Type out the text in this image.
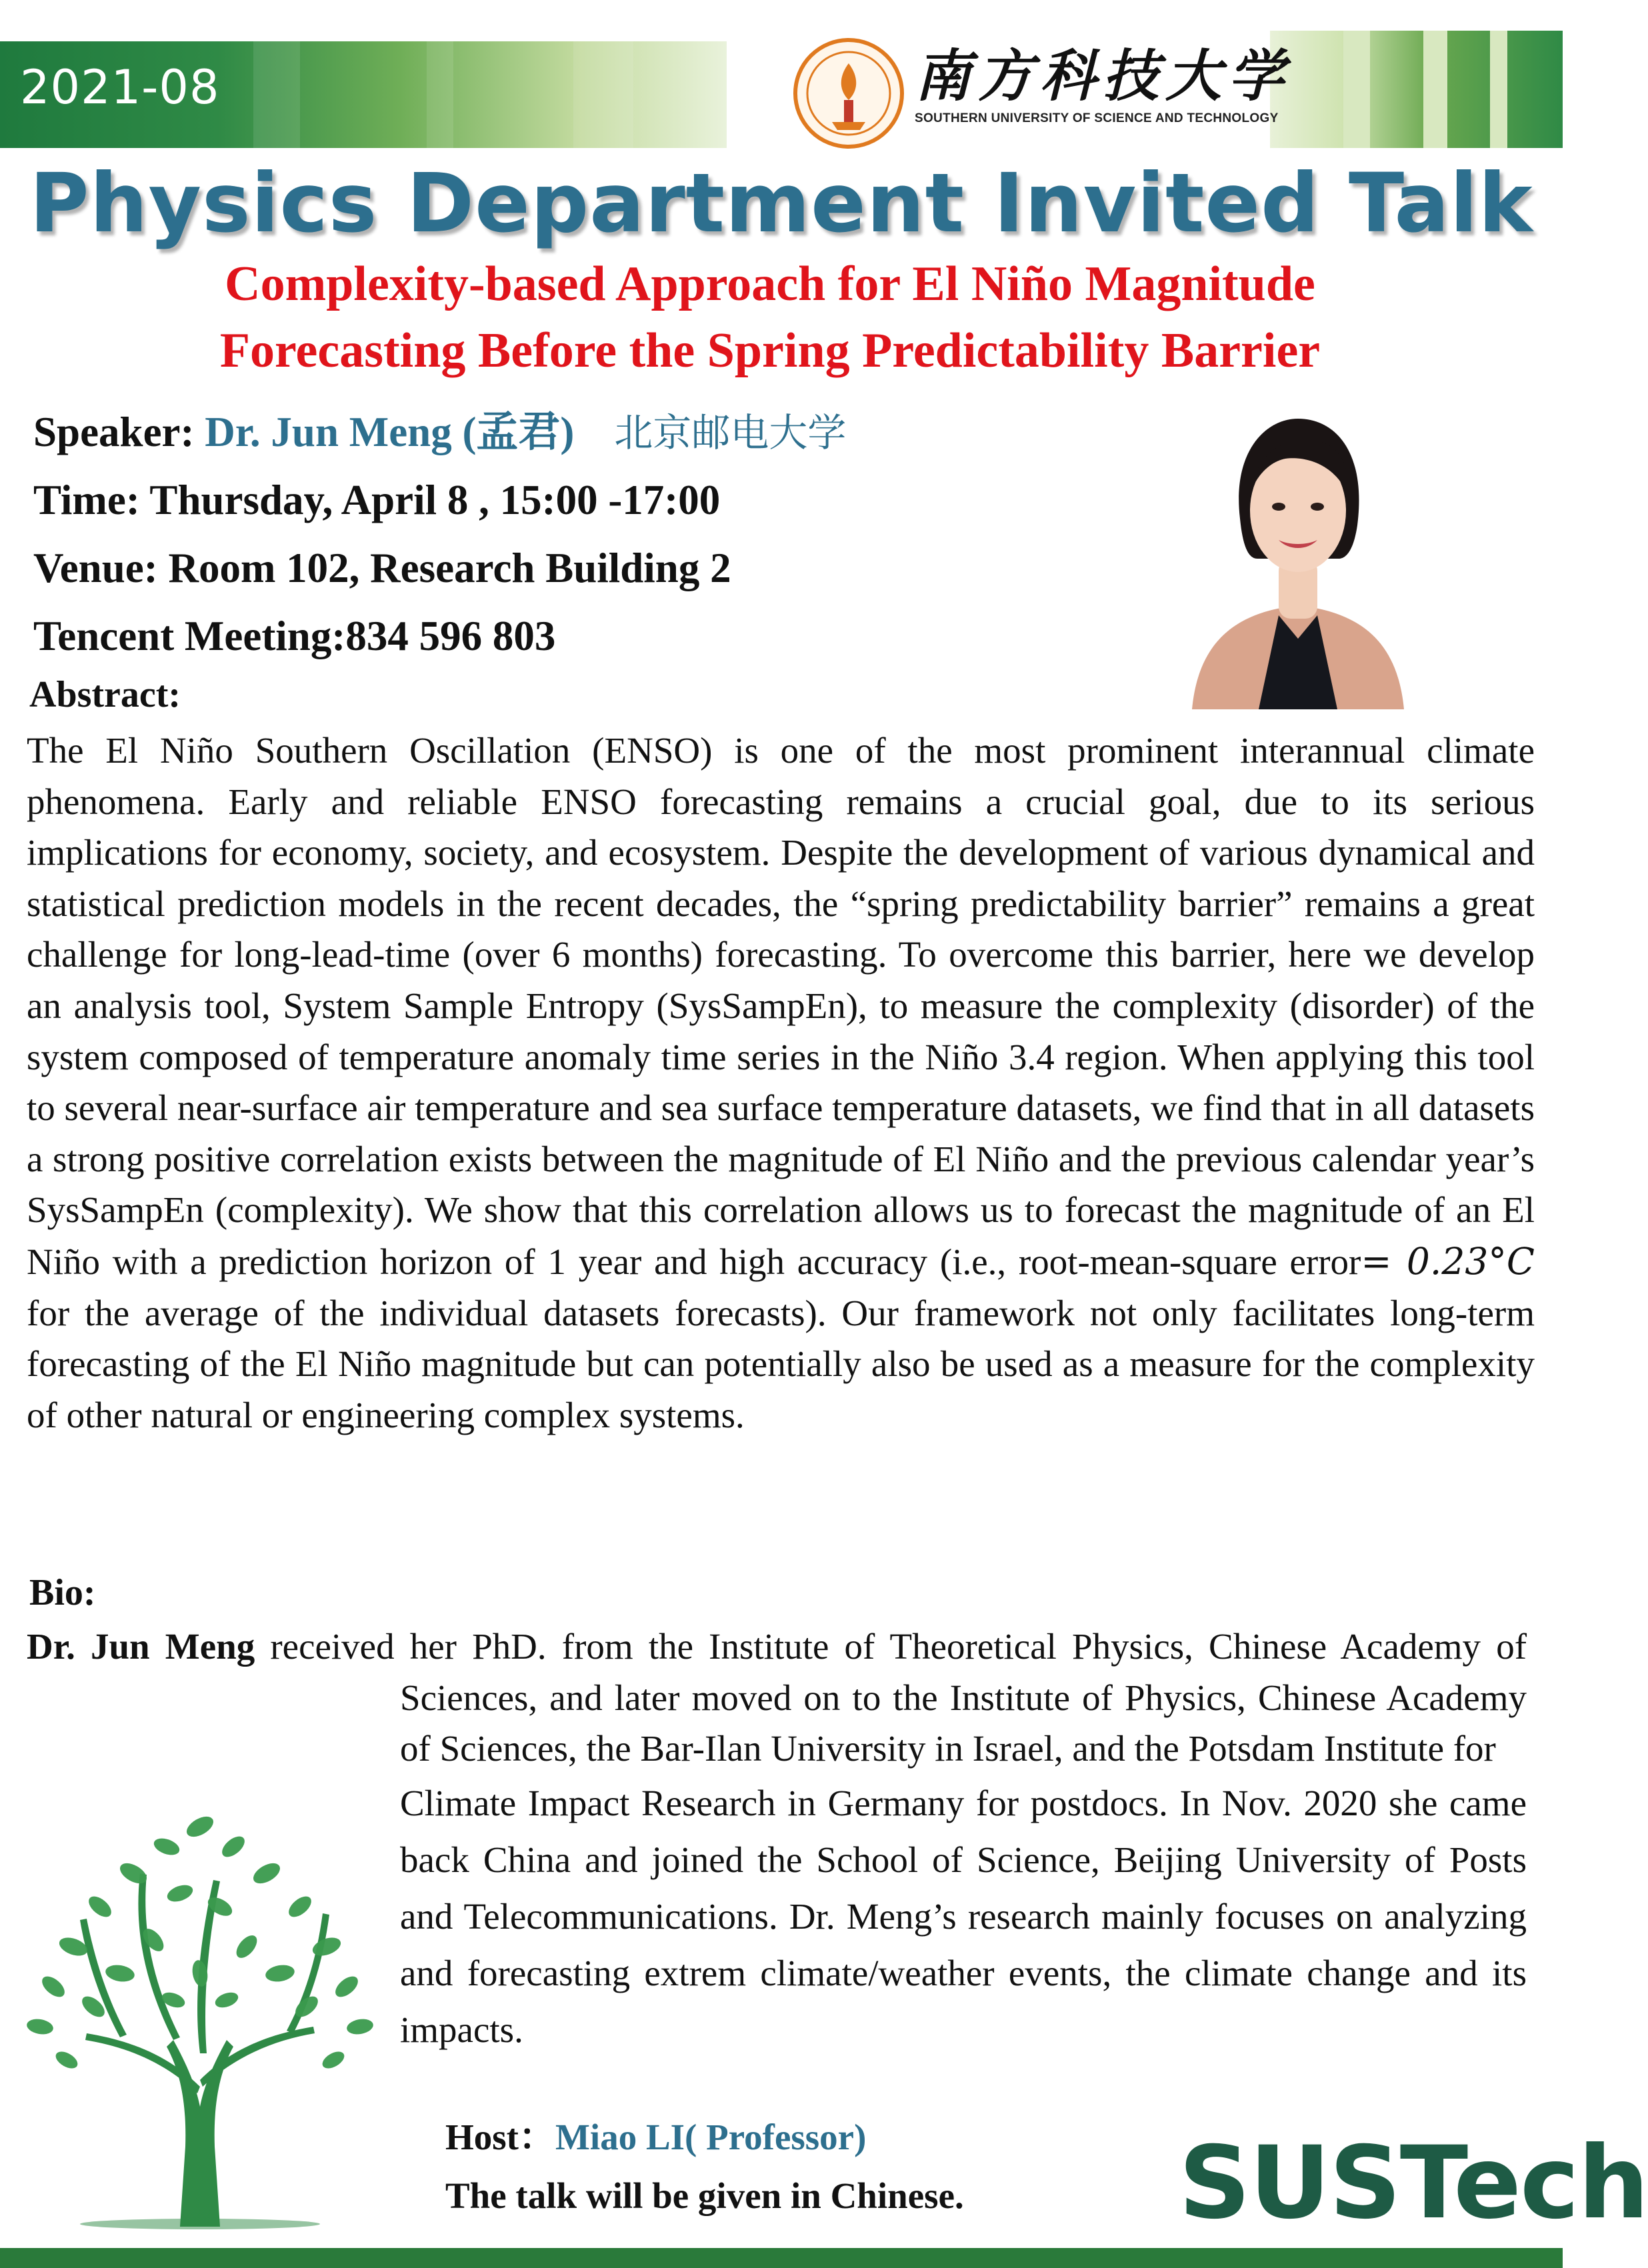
2021-08	南方科技大学
SOUTHERN UNIVERSITY OF SCIENCE AND TECHNOLOGY
Physics Department Invited Talk
Complexity-based Approach for El Niño Magnitude
Forecasting Before the Spring Predictability Barrier
Speaker: Dr. Jun Meng (孟君) 北京邮电大学
Time: Thursday, April 8 , 15:00 -17:00
Venue: Room 102, Research Building 2
Tencent Meeting:834 596 803
Abstract:
The El Niño Southern Oscillation (ENSO) is one of the most prominent interannual climate phenomena. Early and reliable ENSO forecasting remains a crucial goal, due to its serious implications for economy, society, and ecosystem. Despite the development of various dynamical and statistical prediction models in the recent decades, the “spring predictability barrier” remains a great challenge for long-lead-time (over 6 months) forecasting. To overcome this barrier, here we develop an analysis tool, System Sample Entropy (SysSampEn), to measure the complexity (disorder) of the system composed of temperature anomaly time series in the Niño 3.4 region. When applying this tool to several near-surface air temperature and sea surface temperature datasets, we find that in all datasets a strong positive correlation exists between the magnitude of El Niño and the previous calendar year’s SysSampEn (complexity). We show that this correlation allows us to forecast the magnitude of an El Niño with a prediction horizon of 1 year and high accuracy (i.e., root-mean-square error= 0.23°C for the average of the individual datasets forecasts). Our framework not only facilitates long-term forecasting of the El Niño magnitude but can potentially also be used as a measure for the complexity of other natural or engineering complex systems.
Bio:

Dr. Jun Meng received her PhD. from the Institute of Theoretical Physics, Chinese Academy of Sciences, and later moved on to the Institute of Physics, Chinese Academy of Sciences, the Bar-Ilan University in Israel, and the Potsdam Institute for

Climate Impact Research in Germany for postdocs. In Nov. 2020 she came back China and joined the School of Science, Beijing University of Posts and Telecommunications. Dr. Meng’s research mainly focuses on analyzing and forecasting extrem climate/weather events, the climate change and its impacts.

Host：Miao LI( Professor)
The talk will be given in Chinese. SUSTech
